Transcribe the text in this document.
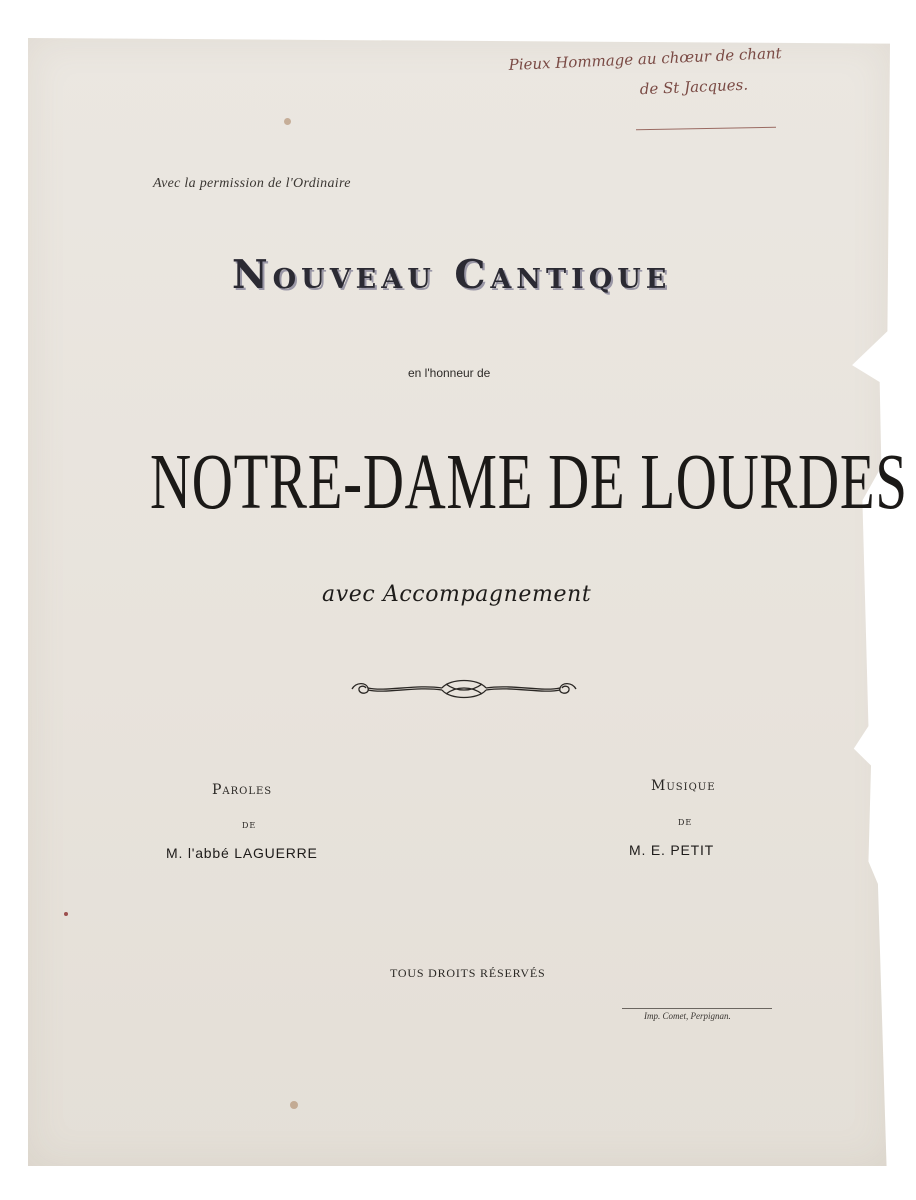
Pieux Hommage au chœur de chant
de St Jacques.
Avec la permission de l'Ordinaire
Nouveau Cantique
en l'honneur de
NOTRE-DAME DE LOURDES
avec Accompagnement
Paroles
DE
M. l'abbé LAGUERRE
Musique
DE
M. E. PETIT
TOUS DROITS RÉSERVÉS
Imp. Comet, Perpignan.
